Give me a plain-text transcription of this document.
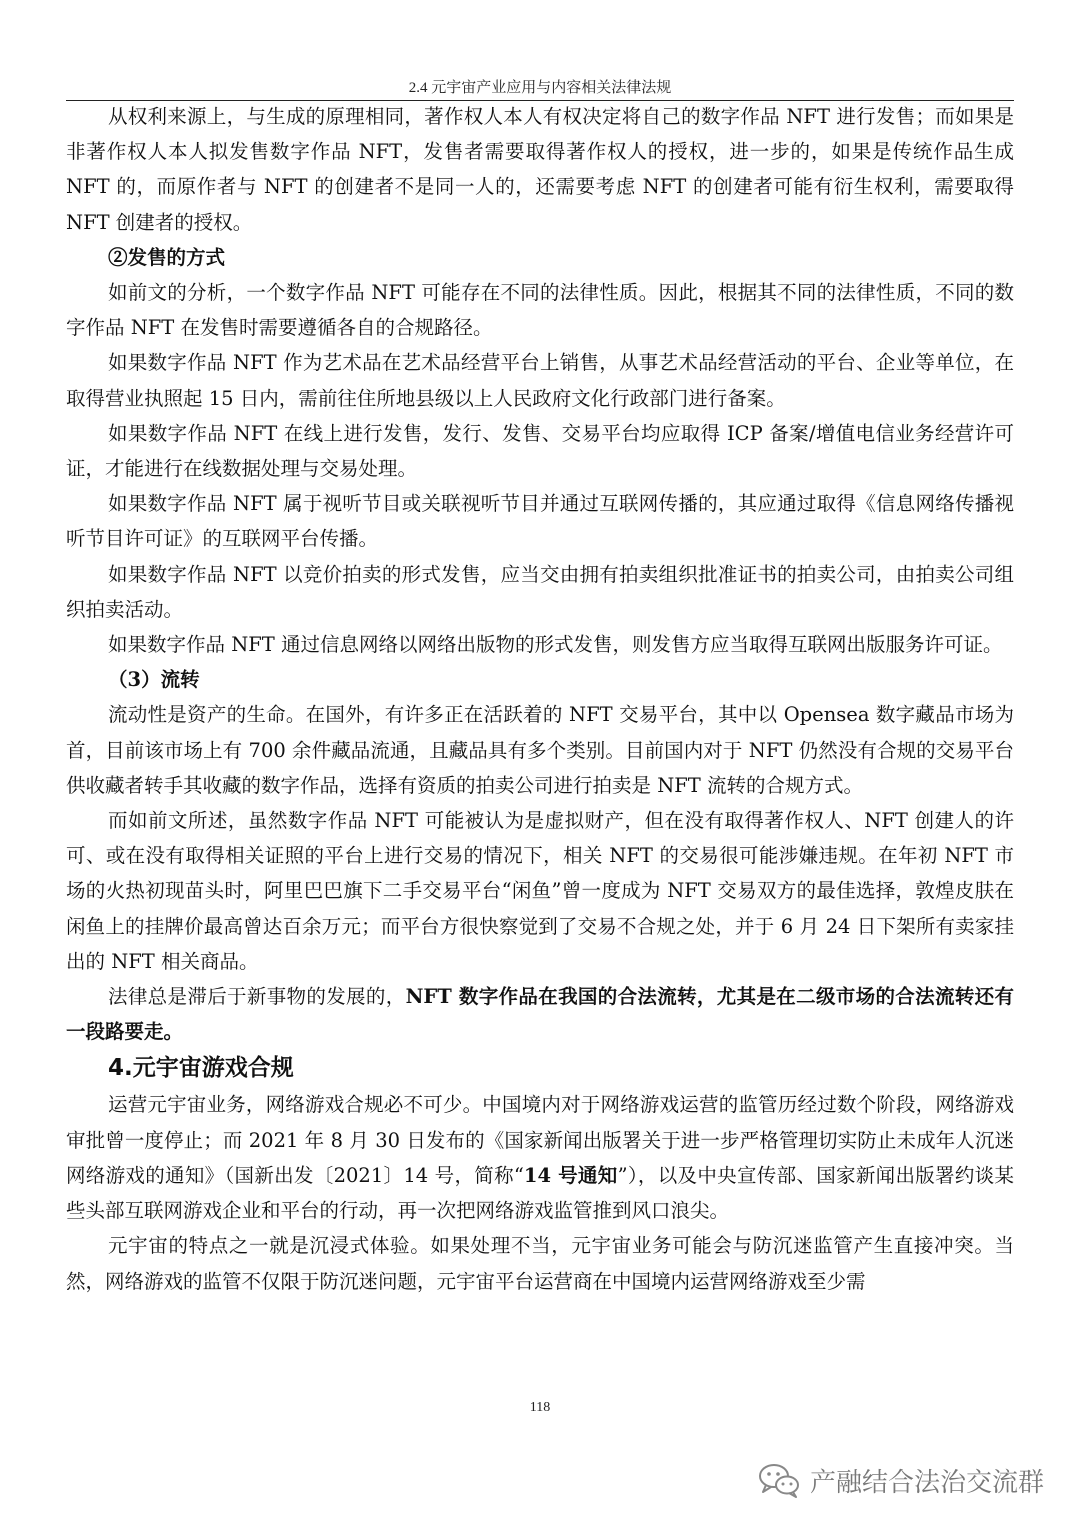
2.4 元宇宙产业应用与内容相关法律法规

从权利来源上，与生成的原理相同，著作权人本人有权决定将自己的数字作品 NFT 进行发售；而如果是非著作权人本人拟发售数字作品 NFT，发售者需要取得著作权人的授权，进一步的，如果是传统作品生成 NFT 的，而原作者与 NFT 的创建者不是同一人的，还需要考虑 NFT 的创建者可能有衍生权利，需要取得 NFT 创建者的授权。

②发售的方式

如前文的分析，一个数字作品 NFT 可能存在不同的法律性质。因此，根据其不同的法律性质，不同的数字作品 NFT 在发售时需要遵循各自的合规路径。

如果数字作品 NFT 作为艺术品在艺术品经营平台上销售，从事艺术品经营活动的平台、企业等单位，在取得营业执照起 15 日内，需前往住所地县级以上人民政府文化行政部门进行备案。

如果数字作品 NFT 在线上进行发售，发行、发售、交易平台均应取得 ICP 备案/增值电信业务经营许可证，才能进行在线数据处理与交易处理。

如果数字作品 NFT 属于视听节目或关联视听节目并通过互联网传播的，其应通过取得《信息网络传播视听节目许可证》的互联网平台传播。

如果数字作品 NFT 以竞价拍卖的形式发售，应当交由拥有拍卖组织批准证书的拍卖公司，由拍卖公司组织拍卖活动。

如果数字作品 NFT 通过信息网络以网络出版物的形式发售，则发售方应当取得互联网出版服务许可证。

（3）流转

流动性是资产的生命。在国外，有许多正在活跃着的 NFT 交易平台，其中以 Opensea 数字藏品市场为首，目前该市场上有 700 余件藏品流通，且藏品具有多个类别。目前国内对于 NFT 仍然没有合规的交易平台供收藏者转手其收藏的数字作品，选择有资质的拍卖公司进行拍卖是 NFT 流转的合规方式。

而如前文所述，虽然数字作品 NFT 可能被认为是虚拟财产，但在没有取得著作权人、NFT 创建人的许可、或在没有取得相关证照的平台上进行交易的情况下，相关 NFT 的交易很可能涉嫌违规。在年初 NFT 市场的火热初现苗头时，阿里巴巴旗下二手交易平台“闲鱼”曾一度成为 NFT 交易双方的最佳选择，敦煌皮肤在闲鱼上的挂牌价最高曾达百余万元；而平台方很快察觉到了交易不合规之处，并于 6 月 24 日下架所有卖家挂出的 NFT 相关商品。

法律总是滞后于新事物的发展的，NFT 数字作品在我国的合法流转，尤其是在二级市场的合法流转还有一段路要走。

4.元宇宙游戏合规

运营元宇宙业务，网络游戏合规必不可少。中国境内对于网络游戏运营的监管历经过数个阶段，网络游戏审批曾一度停止；而 2021 年 8 月 30 日发布的《国家新闻出版署关于进一步严格管理切实防止未成年人沉迷网络游戏的通知》（国新出发〔2021〕14 号，简称“14 号通知”），以及中央宣传部、国家新闻出版署约谈某些头部互联网游戏企业和平台的行动，再一次把网络游戏监管推到风口浪尖。

元宇宙的特点之一就是沉浸式体验。如果处理不当，元宇宙业务可能会与防沉迷监管产生直接冲突。当然，网络游戏的监管不仅限于防沉迷问题，元宇宙平台运营商在中国境内运营网络游戏至少需

118
产融结合法治交流群
